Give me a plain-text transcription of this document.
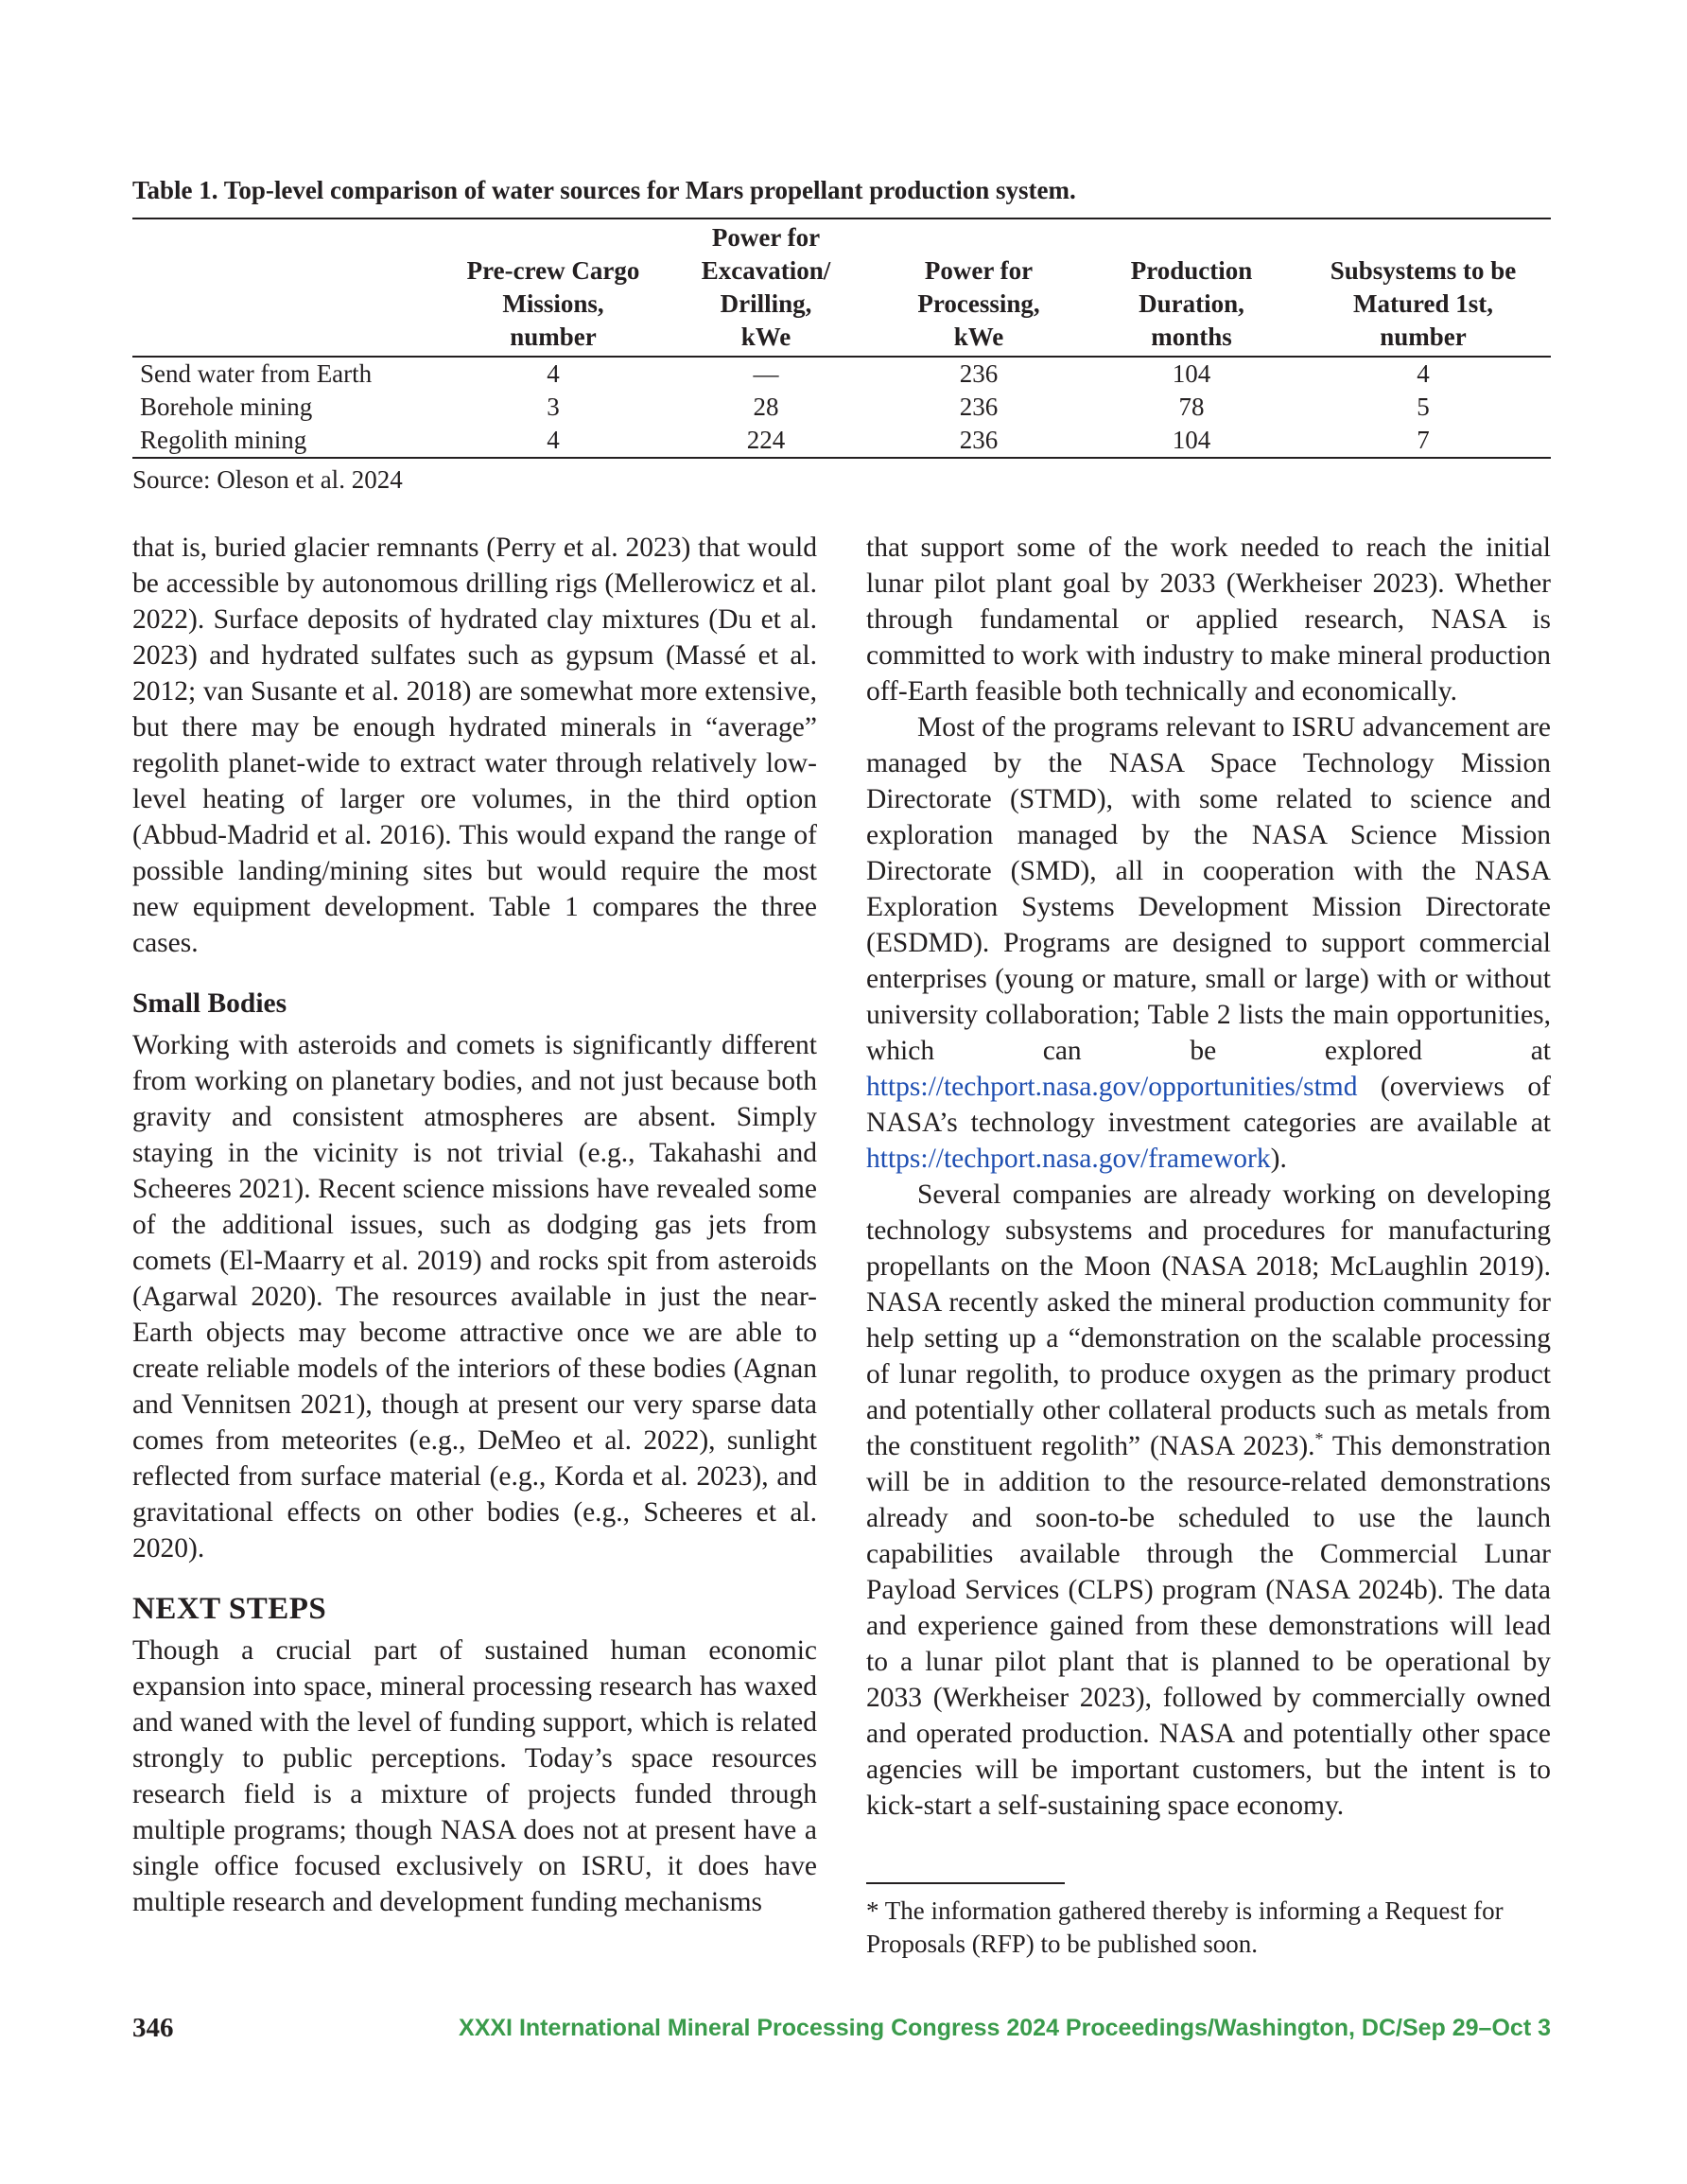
Table 1. Top-level comparison of water sources for Mars propellant production system.
	Pre-crew Cargo
Missions,
number	Power for
Excavation/
Drilling,
kWe	Power for
Processing,
kWe	Production
Duration,
months	Subsystems to be
Matured 1st,
number
Send water from Earth	4	—	236	104	4
Borehole mining	3	28	236	78	5
Regolith mining	4	224	236	104	7
Source: Oleson et al. 2024

that is, buried glacier remnants (Perry et al. 2023) that would be accessible by autonomous drilling rigs (Mellerowicz et al. 2022). Surface deposits of hydrated clay mixtures (Du et al. 2023) and hydrated sulfates such as gypsum (Massé et al. 2012; van Susante et al. 2018) are somewhat more extensive, but there may be enough hydrated minerals in “average” regolith planet-wide to extract water through relatively low-level heating of larger ore volumes, in the third option (Abbud-Madrid et al. 2016). This would expand the range of possible landing/mining sites but would require the most new equipment development. Table 1 compares the three cases.

Small Bodies

Working with asteroids and comets is significantly different from working on planetary bodies, and not just because both gravity and consistent atmospheres are absent. Simply staying in the vicinity is not trivial (e.g., Takahashi and Scheeres 2021). Recent science missions have revealed some of the additional issues, such as dodging gas jets from comets (El-Maarry et al. 2019) and rocks spit from asteroids (Agarwal 2020). The resources available in just the near-Earth objects may become attractive once we are able to create reliable models of the interiors of these bodies (Agnan and Vennitsen 2021), though at present our very sparse data comes from meteorites (e.g., DeMeo et al. 2022), sunlight reflected from surface material (e.g., Korda et al. 2023), and gravitational effects on other bodies (e.g., Scheeres et al. 2020).

NEXT STEPS

Though a crucial part of sustained human economic expansion into space, mineral processing research has waxed and waned with the level of funding support, which is related strongly to public perceptions. Today’s space resources research field is a mixture of projects funded through multiple programs; though NASA does not at present have a single office focused exclusively on ISRU, it does have multiple research and development funding mechanisms

that support some of the work needed to reach the initial lunar pilot plant goal by 2033 (Werkheiser 2023). Whether through fundamental or applied research, NASA is committed to work with industry to make mineral production off-Earth feasible both technically and economically.

Most of the programs relevant to ISRU advancement are managed by the NASA Space Technology Mission Directorate (STMD), with some related to science and exploration managed by the NASA Science Mission Directorate (SMD), all in cooperation with the NASA Exploration Systems Development Mission Directorate (ESDMD). Programs are designed to support commercial enterprises (young or mature, small or large) with or without university collaboration; Table 2 lists the main opportunities, which can be explored at https://techport.nasa.gov/opportunities/stmd (overviews of NASA’s technology investment categories are available at https://techport.nasa.gov/framework).

Several companies are already working on developing technology subsystems and procedures for manufacturing propellants on the Moon (NASA 2018; McLaughlin 2019). NASA recently asked the mineral production community for help setting up a “demonstration on the scalable processing of lunar regolith, to produce oxygen as the primary product and potentially other collateral products such as metals from the constituent regolith” (NASA 2023).* This demonstration will be in addition to the resource-related demonstrations already and soon-to-be scheduled to use the launch capabilities available through the Commercial Lunar Payload Services (CLPS) program (NASA 2024b). The data and experience gained from these demonstrations will lead to a lunar pilot plant that is planned to be operational by 2033 (Werkheiser 2023), followed by commercially owned and operated production. NASA and potentially other space agencies will be important customers, but the intent is to kick-start a self-sustaining space economy.

* The information gathered thereby is informing a Request for Proposals (RFP) to be published soon.
346	XXXI International Mineral Processing Congress 2024 Proceedings/Washington, DC/Sep 29–Oct 3
